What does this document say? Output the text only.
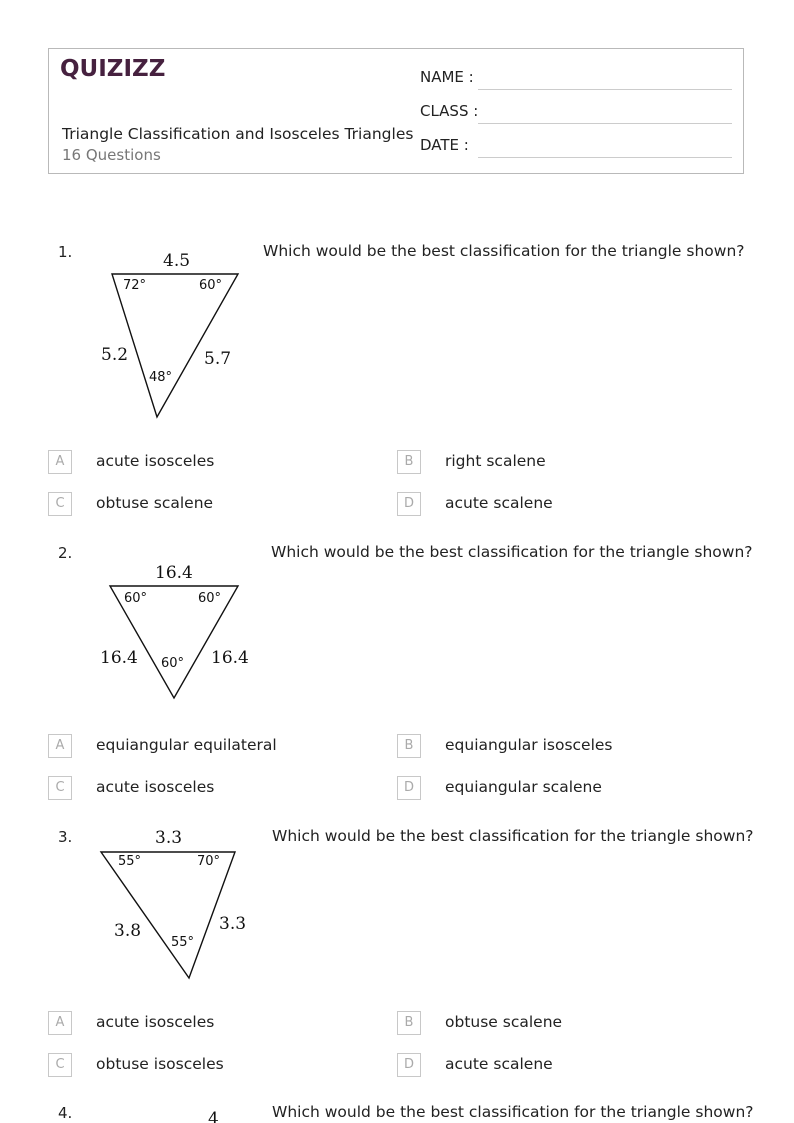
QUIZIZZ
Triangle Classification and Isosceles Triangles
16 Questions
NAME :
CLASS :
DATE :
1.	Which would be the best classification for the triangle shown?
4.5
5.2	5.7
72°	60°
48°
A	acute isosceles	B	right scalene
C	obtuse scalene	D	acute scalene
2.	Which would be the best classification for the triangle shown?
16.4
16.4	16.4
60°	60°
60°
A	equiangular equilateral	B	equiangular isosceles
C	acute isosceles	D	equiangular scalene
3.	Which would be the best classification for the triangle shown?
3.3
3.8	3.3
55°	70°
55°
A	acute isosceles	B	obtuse scalene
C	obtuse isosceles	D	acute scalene
4.	Which would be the best classification for the triangle shown?
4
